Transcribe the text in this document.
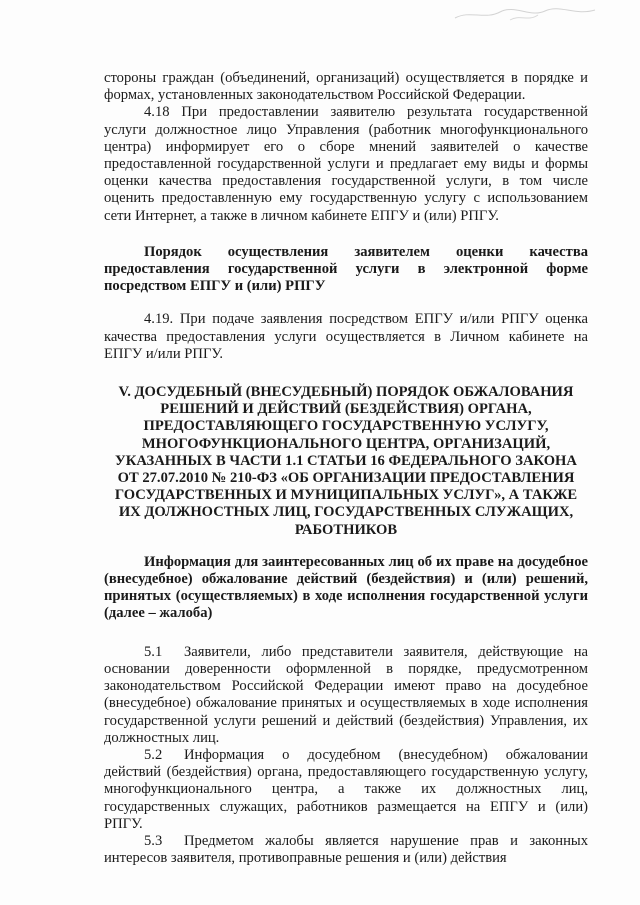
стороны граждан (объединений, организаций) осуществляется в порядке и формах, установленных законодательством Российской Федерации.

4.18 При предоставлении заявителю результата государственной услуги должностное лицо Управления (работник многофункционального центра) информирует его о сборе мнений заявителей о качестве предоставленной государственной услуги и предлагает ему виды и формы оценки качества предоставления государственной услуги, в том числе оценить предоставленную ему государственную услугу с использованием сети Интернет, а также в личном кабинете ЕПГУ и (или) РПГУ.

Порядок осуществления заявителем оценки качества предоставления государственной услуги в электронной форме посредством ЕПГУ и (или) РПГУ

4.19. При подаче заявления посредством ЕПГУ и/или РПГУ оценка качества предоставления услуги осуществляется в Личном кабинете на ЕПГУ и/или РПГУ.

V. ДОСУДЕБНЫЙ (ВНЕСУДЕБНЫЙ) ПОРЯДОК ОБЖАЛОВАНИЯ РЕШЕНИЙ И ДЕЙСТВИЙ (БЕЗДЕЙСТВИЯ) ОРГАНА, ПРЕДОСТАВЛЯЮЩЕГО ГОСУДАРСТВЕННУЮ УСЛУГУ, МНОГОФУНКЦИОНАЛЬНОГО ЦЕНТРА, ОРГАНИЗАЦИЙ, УКАЗАННЫХ В ЧАСТИ 1.1 СТАТЬИ 16 ФЕДЕРАЛЬНОГО ЗАКОНА ОТ 27.07.2010 № 210-ФЗ «ОБ ОРГАНИЗАЦИИ ПРЕДОСТАВЛЕНИЯ ГОСУДАРСТВЕННЫХ И МУНИЦИПАЛЬНЫХ УСЛУГ», А ТАКЖЕ ИХ ДОЛЖНОСТНЫХ ЛИЦ, ГОСУДАРСТВЕННЫХ СЛУЖАЩИХ, РАБОТНИКОВ

Информация для заинтересованных лиц об их праве на досудебное (внесудебное) обжалование действий (бездействия) и (или) решений, принятых (осуществляемых) в ходе исполнения государственной услуги (далее – жалоба)

5.1 Заявители, либо представители заявителя, действующие на основании доверенности оформленной в порядке, предусмотренном законодательством Российской Федерации имеют право на досудебное (внесудебное) обжалование принятых и осуществляемых в ходе исполнения государственной услуги решений и действий (бездействия) Управления, их должностных лиц.

5.2 Информация о досудебном (внесудебном) обжаловании действий (бездействия) органа, предоставляющего государственную услугу, многофункционального центра, а также их должностных лиц, государственных служащих, работников размещается на ЕПГУ и (или) РПГУ.

5.3 Предметом жалобы является нарушение прав и законных интересов заявителя, противоправные решения и (или) действия
